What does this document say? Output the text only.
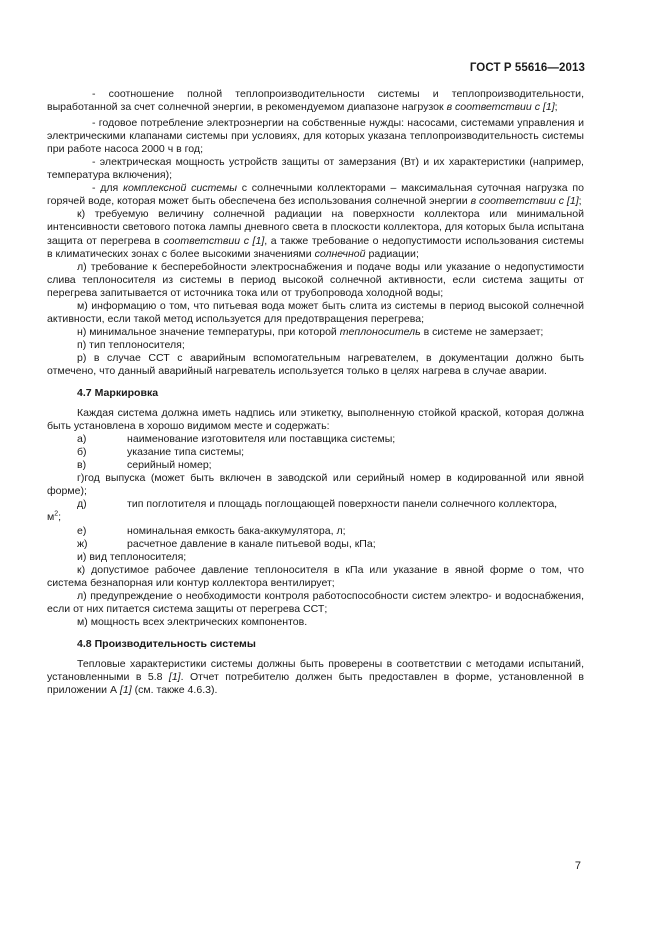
ГОСТ Р 55616—2013

- соотношение полной теплопроизводительности системы и теплопроизводительности, выработанной за счет солнечной энергии, в рекомендуемом диапазоне нагрузок в соответствии с [1];

- годовое потребление электроэнергии на собственные нужды: насосами, системами управления и электрическими клапанами системы при условиях, для которых указана теплопроизводительность системы при работе насоса 2000 ч в год;

- электрическая мощность устройств защиты от замерзания (Вт) и их характеристики (например, температура включения);

- для комплексной системы с солнечными коллекторами – максимальная суточная нагрузка по горячей воде, которая может быть обеспечена без использования солнечной энергии в соответствии с [1];

к) требуемую величину солнечной радиации на поверхности коллектора или минимальной интенсивности светового потока лампы дневного света в плоскости коллектора, для которых была испытана защита от перегрева в соответствии с [1], а также требование о недопустимости использования системы в климатических зонах с более высокими значениями солнечной радиации;

л) требование к бесперебойности электроснабжения и подаче воды или указание о недопустимости слива теплоносителя из системы в период высокой солнечной активности, если система защиты от перегрева запитывается от источника тока или от трубопровода холодной воды;

м) информацию о том, что питьевая вода может быть слита из системы в период высокой солнечной активности, если такой метод используется для предотвращения перегрева;

н) минимальное значение температуры, при которой теплоноситель в системе не замерзает;

п) тип теплоносителя;

р) в случае ССТ с аварийным вспомогательным нагревателем, в документации должно быть отмечено, что данный аварийный нагреватель используется только в целях нагрева в случае аварии.

4.7 Маркировка

Каждая система должна иметь надпись или этикетку, выполненную стойкой краской, которая должна быть установлена в хорошо видимом месте и содержать:

а)	наименование изготовителя или поставщика системы;
б)	указание типа системы;
в)	серийный номер;

г)год выпуска (может быть включен в заводской или серийный номер в кодированной или явной форме);

д)	тип поглотителя и площадь поглощающей поверхности панели солнечного коллектора,

$м^2$;

е)	номинальная емкость бака-аккумулятора, л;
ж)	расчетное давление в канале питьевой воды, кПа;

и) вид теплоносителя;

к) допустимое рабочее давление теплоносителя в кПа или указание в явной форме о том, что система безнапорная или контур коллектора вентилирует;

л) предупреждение о необходимости контроля работоспособности систем электро- и водоснабжения, если от них питается система защиты от перегрева ССТ;

м) мощность всех электрических компонентов.

4.8 Производительность системы

Тепловые характеристики системы должны быть проверены в соответствии с методами испытаний, установленными в 5.8 [1]. Отчет потребителю должен быть предоставлен в форме, установленной в приложении А [1] (см. также 4.6.3).

7
